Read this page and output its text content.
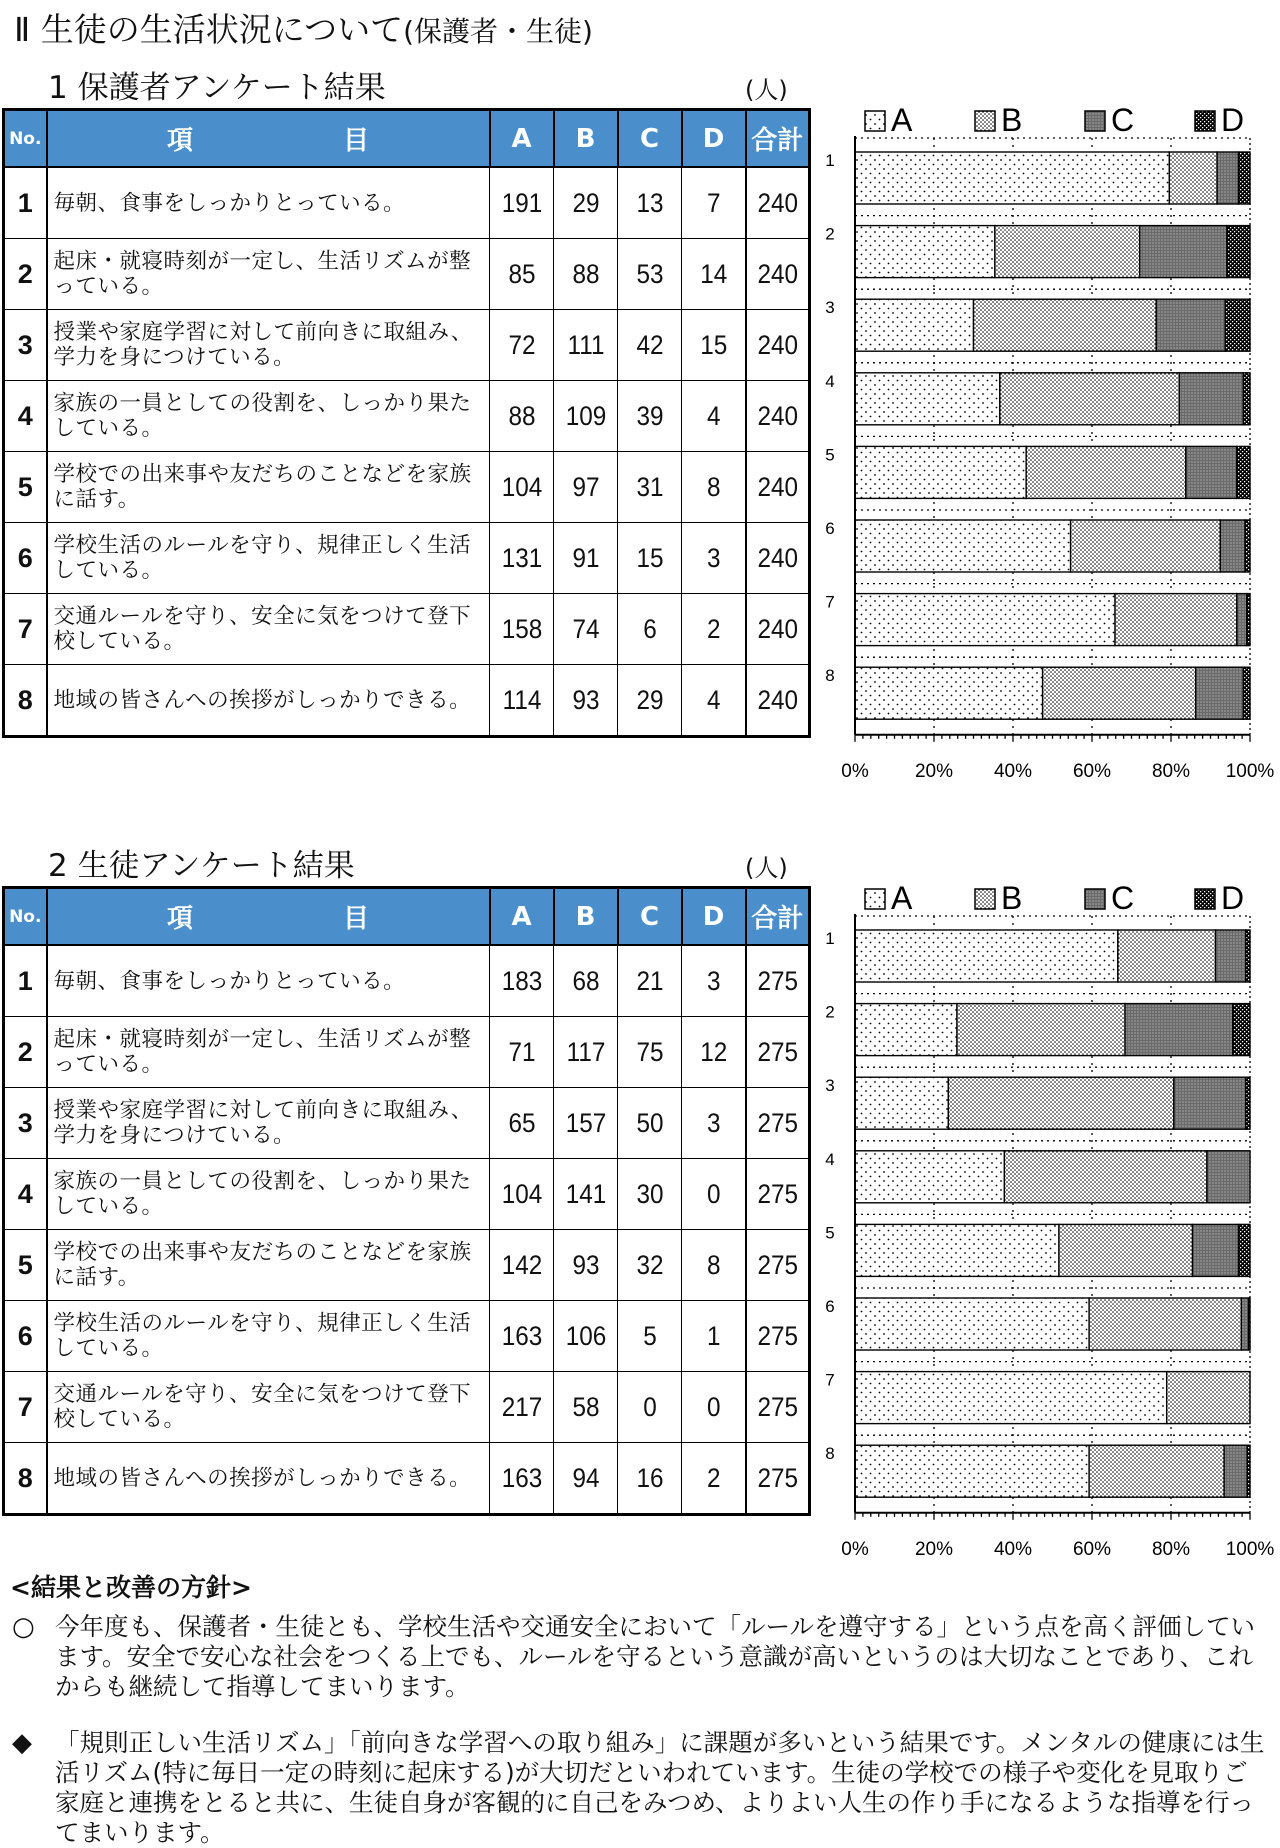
Ⅱ 生徒の生活状況について(保護者・生徒)
1 保護者アンケート結果	(人)
No.	項 目	A	B	C	D	合計
1	毎朝、食事をしっかりとっている。	191	29	13	7	240
2	起床・就寝時刻が一定し、生活リズムが整っている。	85	88	53	14	240
3	授業や家庭学習に対して前向きに取組み、学力を身につけている。	72	111	42	15	240
4	家族の一員としての役割を、しっかり果たしている。	88	109	39	4	240
5	学校での出来事や友だちのことなどを家族に話す。	104	97	31	8	240
6	学校生活のルールを守り、規律正しく生活している。	131	91	15	3	240
7	交通ルールを守り、安全に気をつけて登下校している。	158	74	6	2	240
8	地域の皆さんへの挨拶がしっかりできる。	114	93	29	4	240
A	B	C	D
1
2
3
4
5
6
7
8
0% 20% 40% 60% 80% 100%
2 生徒アンケート結果	(人)
No.	項 目	A	B	C	D	合計
1	毎朝、食事をしっかりとっている。	183	68	21	3	275
2	起床・就寝時刻が一定し、生活リズムが整っている。	71	117	75	12	275
3	授業や家庭学習に対して前向きに取組み、学力を身につけている。	65	157	50	3	275
4	家族の一員としての役割を、しっかり果たしている。	104	141	30	0	275
5	学校での出来事や友だちのことなどを家族に話す。	142	93	32	8	275
6	学校生活のルールを守り、規律正しく生活している。	163	106	5	1	275
7	交通ルールを守り、安全に気をつけて登下校している。	217	58	0	0	275
8	地域の皆さんへの挨拶がしっかりできる。	163	94	16	2	275
A	B	C	D
1
2
3
4
5
6
7
8
0% 20% 40% 60% 80% 100%
<結果と改善の方針>
○ 今年度も、保護者・生徒とも、学校生活や交通安全において「ルールを遵守する」という点を高く評価しています。安全で安心な社会をつくる上でも、ルールを守るという意識が高いというのは大切なことであり、これからも継続して指導してまいります。
◆ 「規則正しい生活リズム」「前向きな学習への取り組み」に課題が多いという結果です。メンタルの健康には生活リズム(特に毎日一定の時刻に起床する)が大切だといわれています。生徒の学校での様子や変化を見取りご家庭と連携をとると共に、生徒自身が客観的に自己をみつめ、よりよい人生の作り手になるような指導を行ってまいります。
